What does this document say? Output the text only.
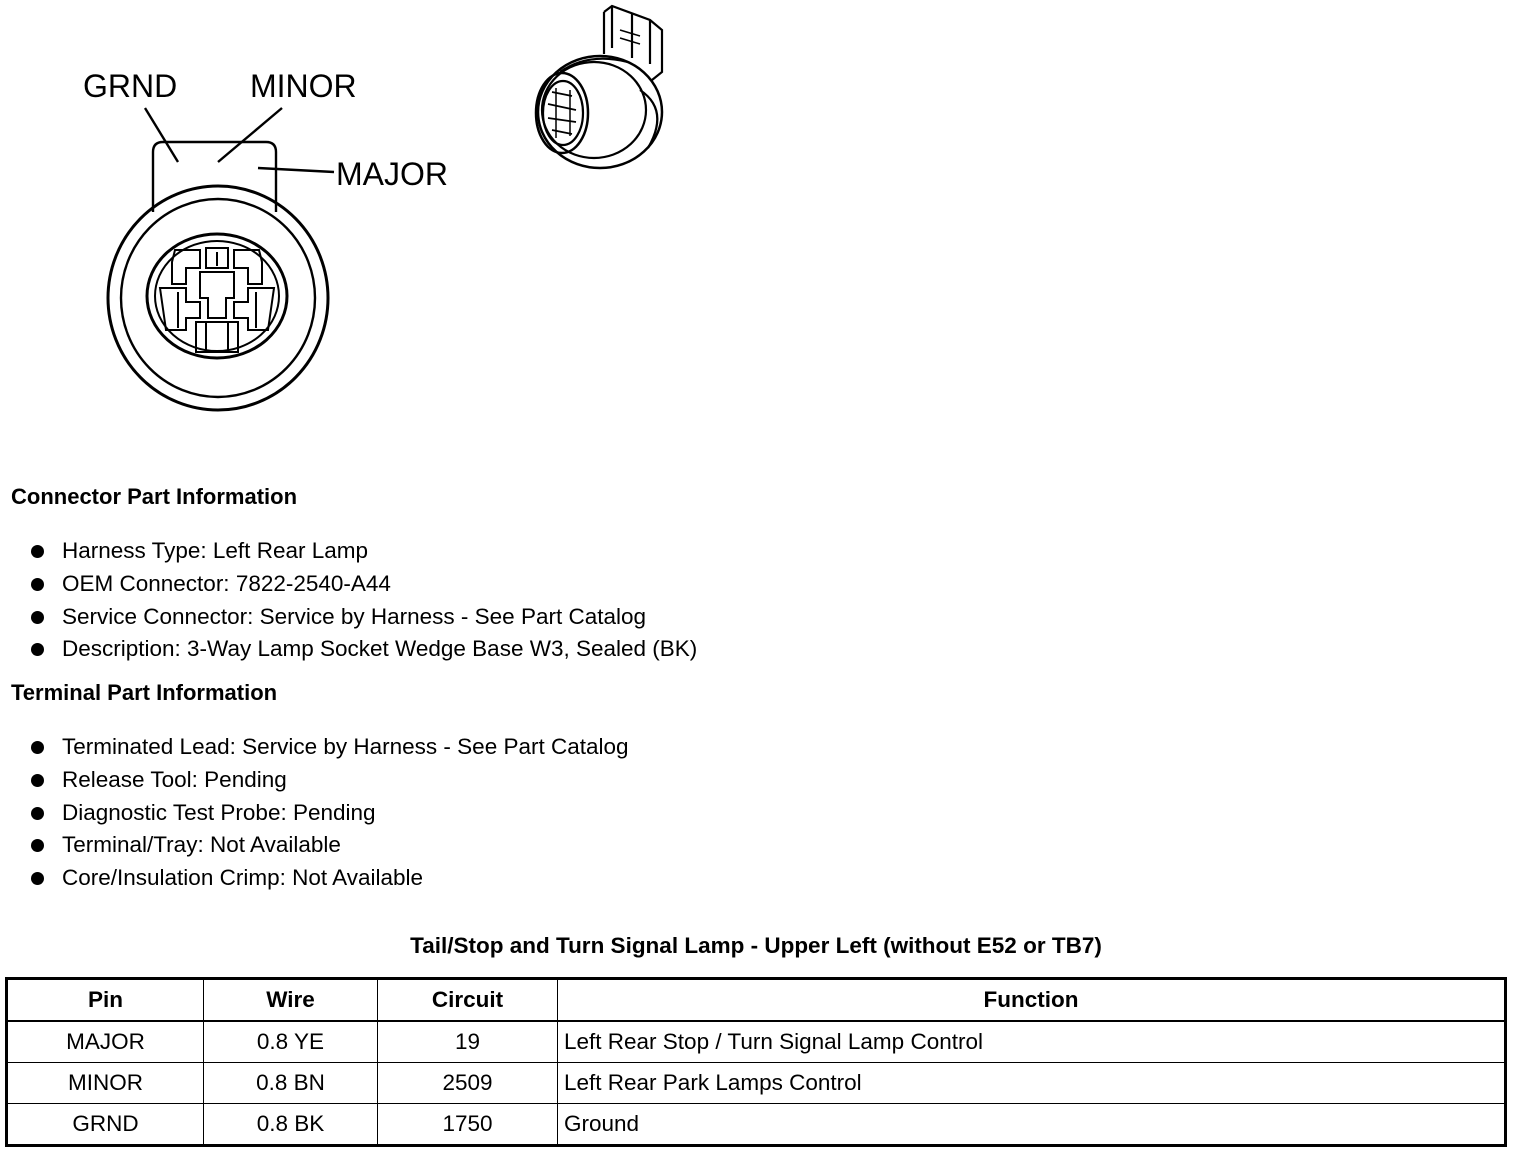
GRND MINOR
MAJOR
Connector Part Information
Harness Type: Left Rear Lamp
OEM Connector: 7822-2540-A44
Service Connector: Service by Harness - See Part Catalog
Description: 3-Way Lamp Socket Wedge Base W3, Sealed (BK)
Terminal Part Information
Terminated Lead: Service by Harness - See Part Catalog
Release Tool: Pending
Diagnostic Test Probe: Pending
Terminal/Tray: Not Available
Core/Insulation Crimp: Not Available
Tail/Stop and Turn Signal Lamp - Upper Left (without E52 or TB7)
Pin	Wire	Circuit	Function
MAJOR	0.8 YE	19	Left Rear Stop / Turn Signal Lamp Control
MINOR	0.8 BN	2509	Left Rear Park Lamps Control
GRND	0.8 BK	1750	Ground
